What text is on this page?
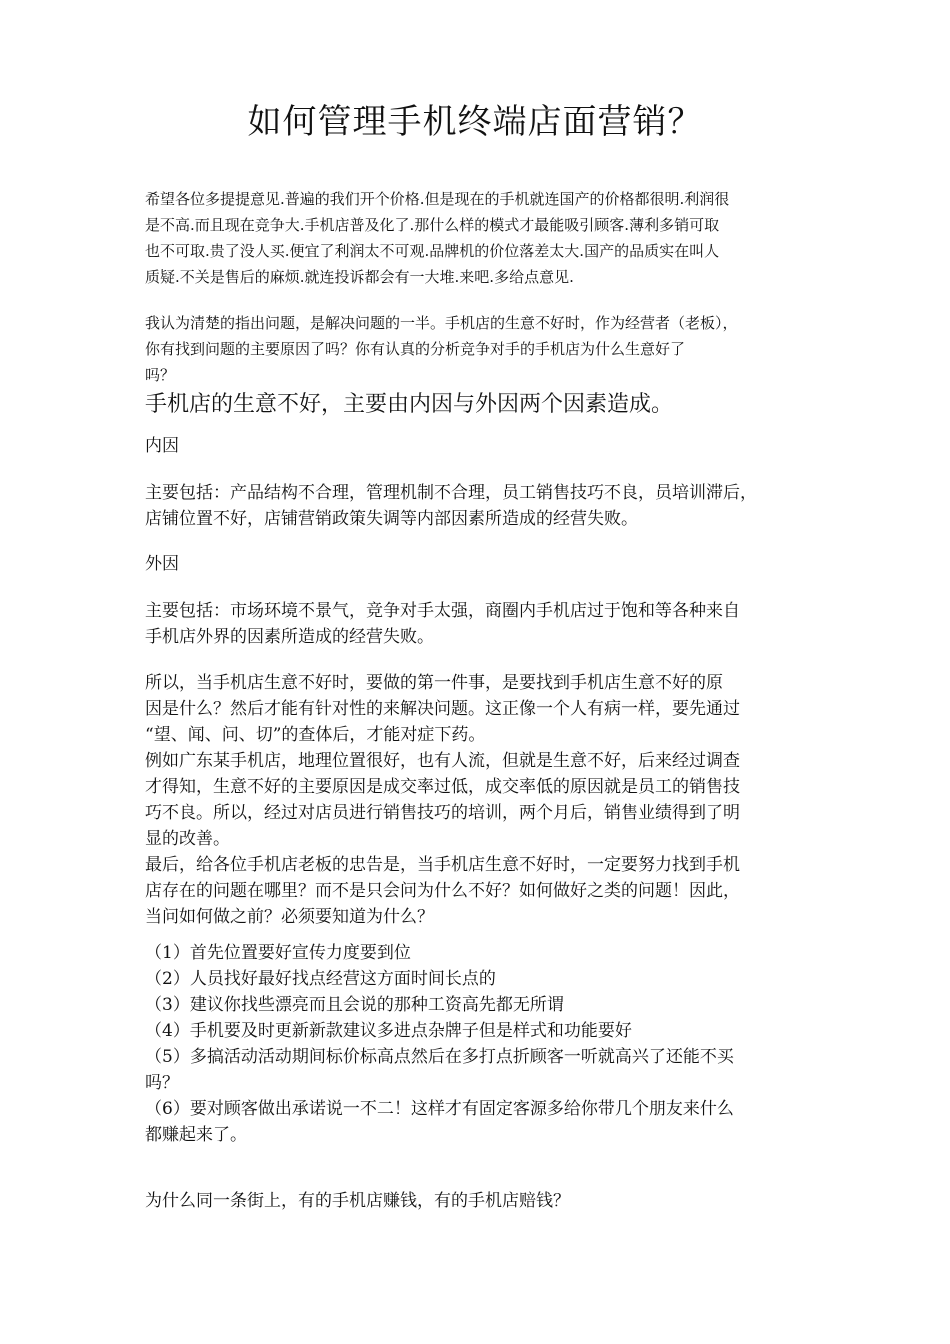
如何管理手机终端店面营销？

希望各位多提提意见.普遍的我们开个价格.但是现在的手机就连国产的价格都很明.利润很
是不高.而且现在竞争大.手机店普及化了.那什么样的模式才最能吸引顾客.薄利多销可取
也不可取.贵了没人买.便宜了利润太不可观.品牌机的价位落差太大.国产的品质实在叫人
质疑.不关是售后的麻烦.就连投诉都会有一大堆.来吧.多给点意见.

我认为清楚的指出问题，是解决问题的一半。手机店的生意不好时，作为经营者（老板），
你有找到问题的主要原因了吗？你有认真的分析竞争对手的手机店为什么生意好了
吗？

手机店的生意不好，主要由内因与外因两个因素造成。

内因

主要包括：产品结构不合理，管理机制不合理，员工销售技巧不良，员培训滞后，
店铺位置不好，店铺营销政策失调等内部因素所造成的经营失败。

外因

主要包括：市场环境不景气，竞争对手太强，商圈内手机店过于饱和等各种来自
手机店外界的因素所造成的经营失败。

所以，当手机店生意不好时，要做的第一件事，是要找到手机店生意不好的原
因是什么？然后才能有针对性的来解决问题。这正像一个人有病一样，要先通过
“望、闻、问、切”的查体后，才能对症下药。
例如广东某手机店，地理位置很好，也有人流，但就是生意不好，后来经过调查
才得知，生意不好的主要原因是成交率过低，成交率低的原因就是员工的销售技
巧不良。所以，经过对店员进行销售技巧的培训，两个月后，销售业绩得到了明
显的改善。
最后，给各位手机店老板的忠告是，当手机店生意不好时，一定要努力找到手机
店存在的问题在哪里？而不是只会问为什么不好？如何做好之类的问题！因此，
当问如何做之前？必须要知道为什么？

（1）首先位置要好宣传力度要到位
（2）人员找好最好找点经营这方面时间长点的
（3）建议你找些漂亮而且会说的那种工资高先都无所谓
（4）手机要及时更新新款建议多进点杂牌子但是样式和功能要好
（5）多搞活动活动期间标价标高点然后在多打点折顾客一听就高兴了还能不买
吗？
（6）要对顾客做出承诺说一不二！这样才有固定客源多给你带几个朋友来什么
都赚起来了。

为什么同一条街上，有的手机店赚钱，有的手机店赔钱？
